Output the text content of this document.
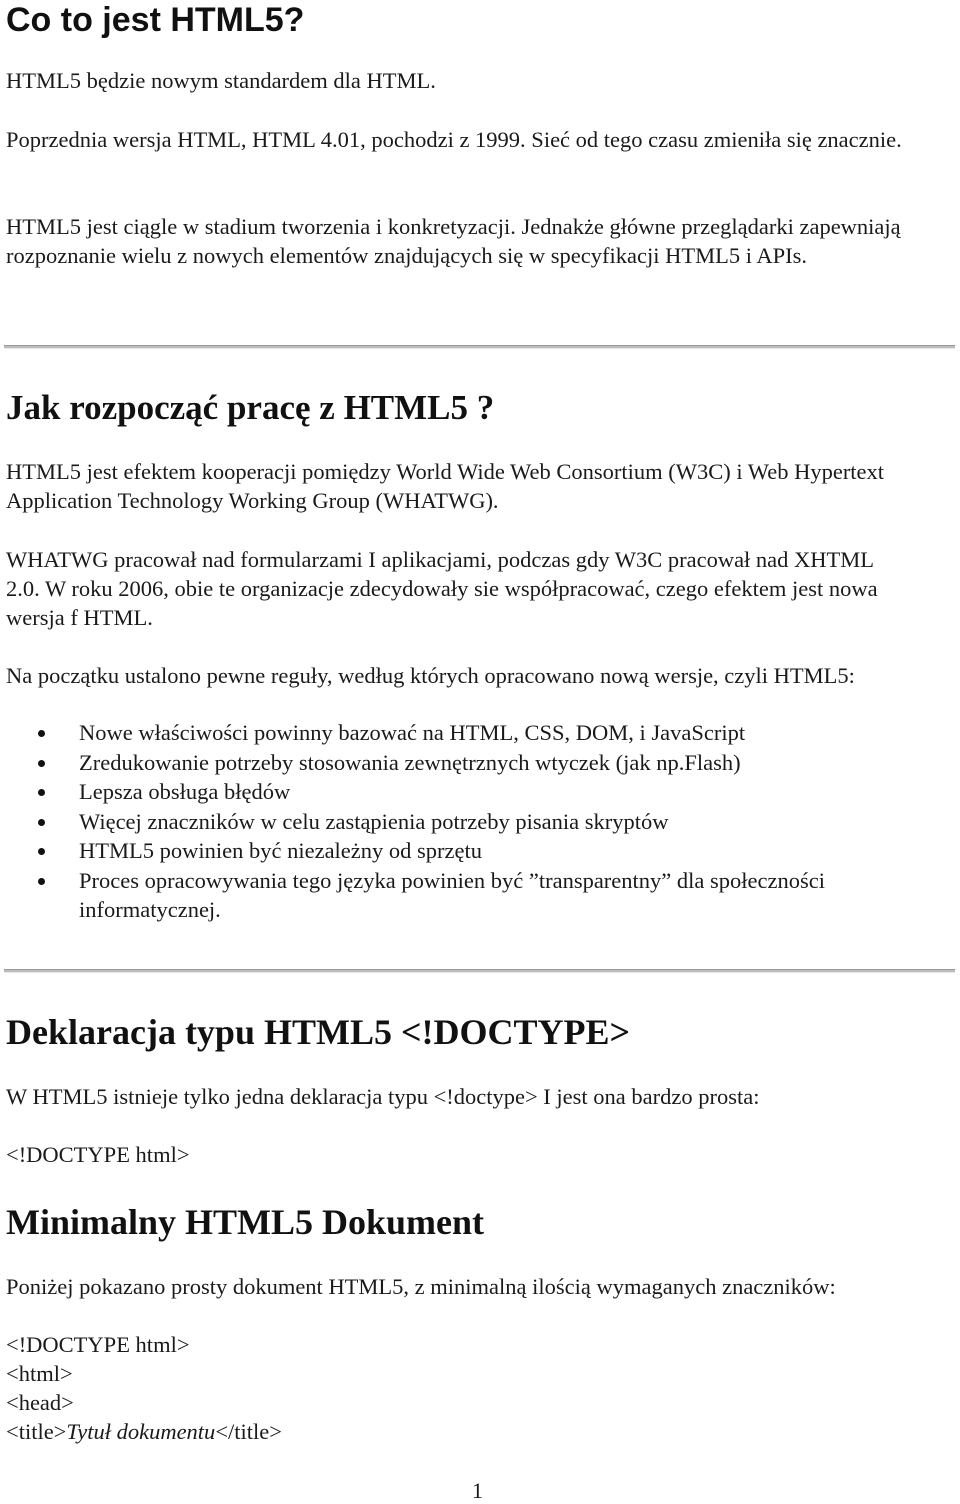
Co to jest HTML5?
HTML5 będzie nowym standardem dla HTML.
Poprzednia wersja HTML, HTML 4.01, pochodzi z 1999. Sieć od tego czasu zmieniła się znacznie.
HTML5 jest ciągle w stadium tworzenia i konkretyzacji. Jednakże główne przeglądarki zapewniają rozpoznanie wielu z nowych elementów znajdujących się w specyfikacji HTML5 i APIs.
Jak rozpocząć pracę z HTML5 ?
HTML5 jest efektem kooperacji pomiędzy World Wide Web Consortium (W3C) i Web Hypertext Application Technology Working Group (WHATWG).
WHATWG pracował nad formularzami I aplikacjami, podczas gdy W3C pracował nad XHTML 2.0. W roku 2006, obie te organizacje zdecydowały sie współpracować, czego efektem jest nowa wersja f HTML.
Na początku ustalono pewne reguły, według których opracowano nową wersje, czyli HTML5:
Nowe właściwości powinny bazować na HTML, CSS, DOM, i JavaScript
Zredukowanie potrzeby stosowania zewnętrznych wtyczek (jak np.Flash)
Lepsza obsługa błędów
Więcej znaczników w celu zastąpienia potrzeby pisania skryptów
HTML5 powinien być niezależny od sprzętu
Proces opracowywania tego języka powinien być ”transparentny” dla społeczności informatycznej.
Deklaracja typu HTML5 <!DOCTYPE>
W HTML5 istnieje tylko jedna deklaracja typu <!doctype> I jest ona bardzo prosta:
<!DOCTYPE html>
Minimalny HTML5 Dokument
Poniżej pokazano prosty dokument HTML5, z minimalną ilością wymaganych znaczników:
<!DOCTYPE html>
<html>
<head>
<title>Tytuł dokumentu</title>
1
